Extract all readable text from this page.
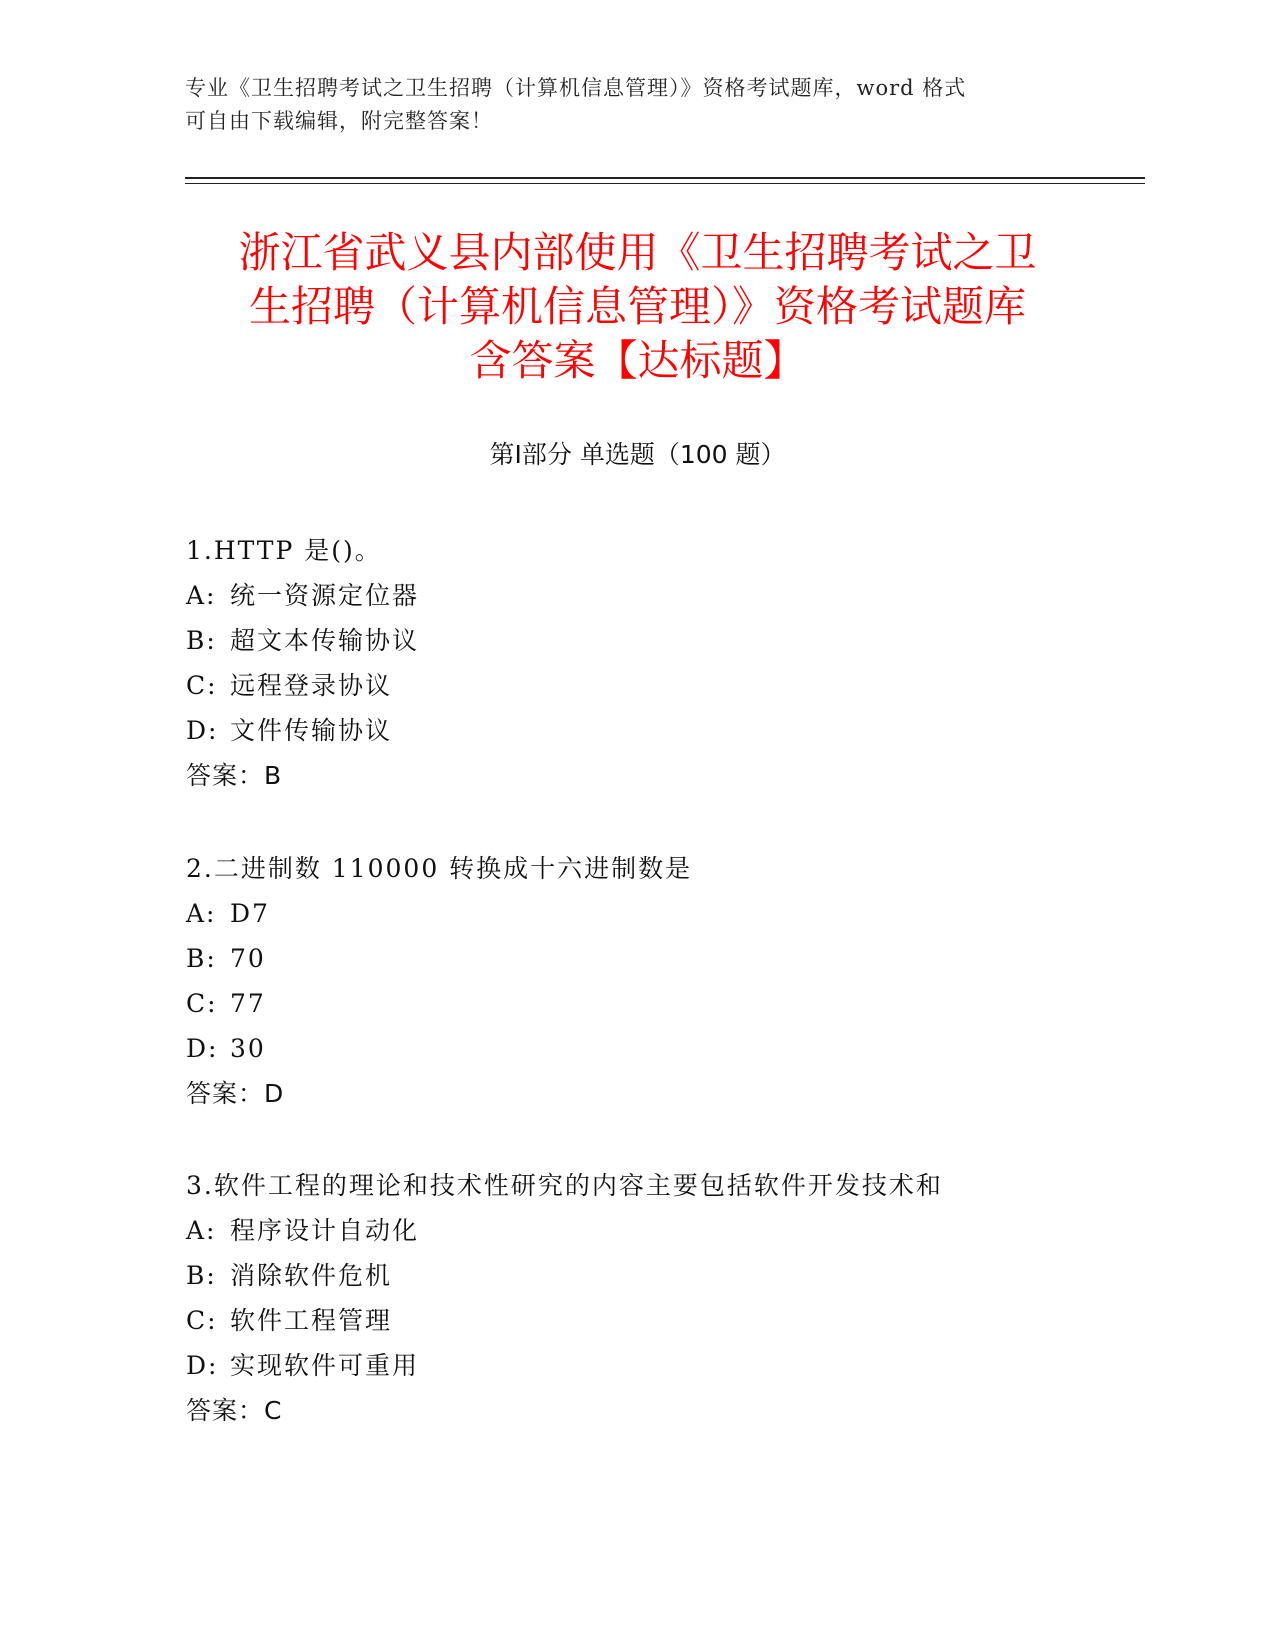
专业《卫生招聘考试之卫生招聘（计算机信息管理）》资格考试题库，word 格式
可自由下载编辑，附完整答案！
浙江省武义县内部使用《卫生招聘考试之卫
生招聘（计算机信息管理）》资格考试题库
含答案【达标题】
第Ⅰ部分 单选题（100 题）
1.HTTP 是()。
A: 统一资源定位器
B: 超文本传输协议
C: 远程登录协议
D: 文件传输协议
答案：B
2.二进制数 110000 转换成十六进制数是
A: D7
B: 70
C: 77
D: 30
答案：D
3.软件工程的理论和技术性研究的内容主要包括软件开发技术和
A: 程序设计自动化
B: 消除软件危机
C: 软件工程管理
D: 实现软件可重用
答案：C
